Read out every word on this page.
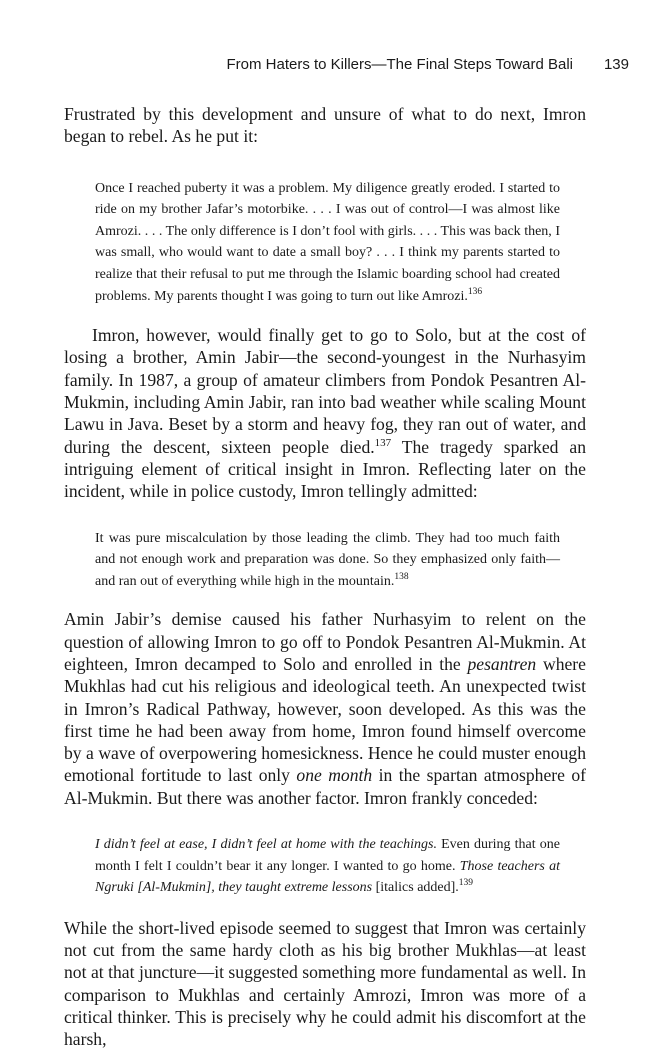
From Haters to Killers—The Final Steps Toward Bali 139

Frustrated by this development and unsure of what to do next, Imron began to rebel. As he put it:

Once I reached puberty it was a problem. My diligence greatly eroded. I started to ride on my brother Jafar’s motorbike. . . . I was out of control—I was almost like Amrozi. . . . The only difference is I don’t fool with girls. . . . This was back then, I was small, who would want to date a small boy? . . . I think my parents started to realize that their refusal to put me through the Islamic boarding school had created problems. My parents thought I was going to turn out like Amrozi.$^{136}$

Imron, however, would finally get to go to Solo, but at the cost of losing a brother, Amin Jabir—the second-youngest in the Nurhasyim family. In 1987, a group of amateur climbers from Pondok Pesantren Al-Mukmin, including Amin Jabir, ran into bad weather while scaling Mount Lawu in Java. Beset by a storm and heavy fog, they ran out of water, and during the descent, sixteen people died.$^{137}$ The tragedy sparked an intriguing element of critical insight in Imron. Reflecting later on the incident, while in police custody, Imron tellingly admitted:

It was pure miscalculation by those leading the climb. They had too much faith and not enough work and preparation was done. So they emphasized only faith—and ran out of everything while high in the mountain.$^{138}$

Amin Jabir’s demise caused his father Nurhasyim to relent on the question of allowing Imron to go off to Pondok Pesantren Al-Mukmin. At eighteen, Imron decamped to Solo and enrolled in the pesantren where Mukhlas had cut his religious and ideological teeth. An unexpected twist in Imron’s Radical Pathway, however, soon developed. As this was the first time he had been away from home, Imron found himself overcome by a wave of overpowering homesickness. Hence he could muster enough emotional fortitude to last only one month in the spartan atmosphere of Al-Mukmin. But there was another factor. Imron frankly conceded:

I didn’t feel at ease, I didn’t feel at home with the teachings. Even during that one month I felt I couldn’t bear it any longer. I wanted to go home. Those teachers at Ngruki [Al-Mukmin], they taught extreme lessons [italics added].$^{139}$

While the short-lived episode seemed to suggest that Imron was certainly not cut from the same hardy cloth as his big brother Mukhlas—at least not at that juncture—it suggested something more fundamental as well. In comparison to Mukhlas and certainly Amrozi, Imron was more of a critical thinker. This is precisely why he could admit his discomfort at the harsh,
